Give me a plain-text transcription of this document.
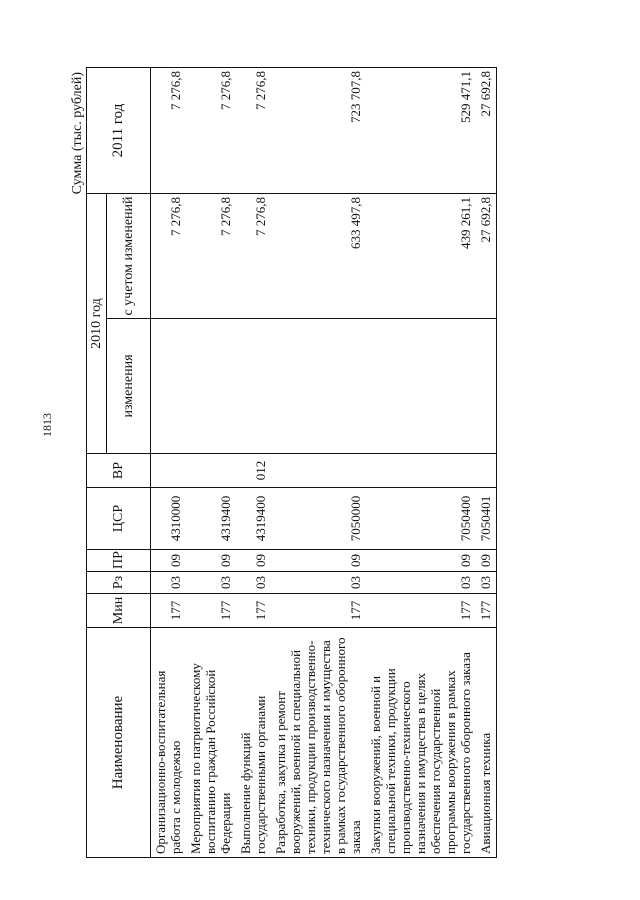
1813
Сумма (тыс. рублей)
Наименование	Мин	Рз	ПР	ЦСР	ВР	2010 год		2011 год
						изменения	с учетом изменений	
Организационно-воспитательная работа с молодежью	177	03	09	4310000			7 276,8	7 276,8
Мероприятия по патриотическому воспитанию граждан Российской Федерации	177	03	09	4319400			7 276,8	7 276,8
Выполнение функций государственными органами	177	03	09	4319400	012		7 276,8	7 276,8
Разработка, закупка и ремонт вооружений, военной и специальной техники, продукции производственно-технического назначения и имущества в рамках государственного оборонного заказа	177	03	09	7050000			633 497,8	723 707,8
Закупки вооружений, военной и специальной техники, продукции производственно-технического назначения и имущества в целях обеспечения государственной программы вооружения в рамках государственного оборонного заказа	177	03	09	7050400			439 261,1	529 471,1
Авиационная техника	177	03	09	7050401			27 692,8	27 692,8
